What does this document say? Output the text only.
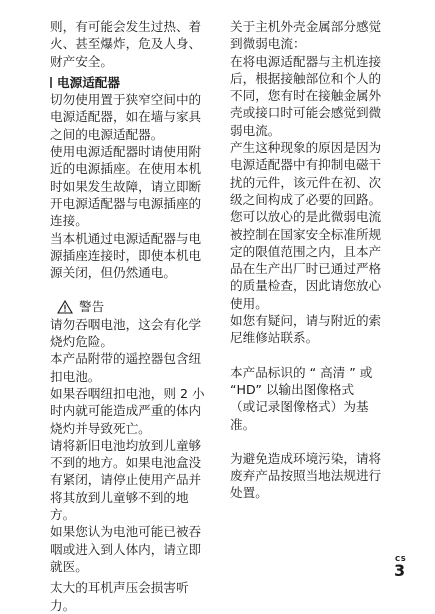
则，有可能会发生过热、着
火、甚至爆炸，危及人身、
财产安全。

电源适配器

切勿使用置于狭窄空间中的
电源适配器，如在墙与家具
之间的电源适配器。

使用电源适配器时请使用附
近的电源插座。在使用本机
时如果发生故障，请立即断
开电源适配器与电源插座的
连接。

当本机通过电源适配器与电
源插座连接时，即使本机电
源关闭，但仍然通电。

警告

请勿吞咽电池，这会有化学
烧灼危险。

本产品附带的遥控器包含纽
扣电池。

如果吞咽纽扣电池，则 2 小
时内就可能造成严重的体内
烧灼并导致死亡。

请将新旧电池均放到儿童够
不到的地方。如果电池盒没
有紧闭，请停止使用产品并
将其放到儿童够不到的地
方。

如果您认为电池可能已被吞
咽或进入到人体内，请立即
就医。

太大的耳机声压会损害听
力。

关于主机外壳金属部分感觉
到微弱电流：

在将电源适配器与主机连接
后，根据接触部位和个人的
不同，您有时在接触金属外
壳或接口时可能会感觉到微
弱电流。

产生这种现象的原因是因为
电源适配器中有抑制电磁干
扰的元件，该元件在初、次
级之间构成了必要的回路。
您可以放心的是此微弱电流
被控制在国家安全标准所规
定的限值范围之内，且本产
品在生产出厂时已通过严格
的质量检查，因此请您放心
使用。

如您有疑问，请与附近的索
尼维修站联系。

本产品标识的 “ 高清 ” 或
“HD” 以输出图像格式
（或记录图像格式）为基
准。

为避免造成环境污染，请将
废弃产品按照当地法规进行
处置。

CS
3
